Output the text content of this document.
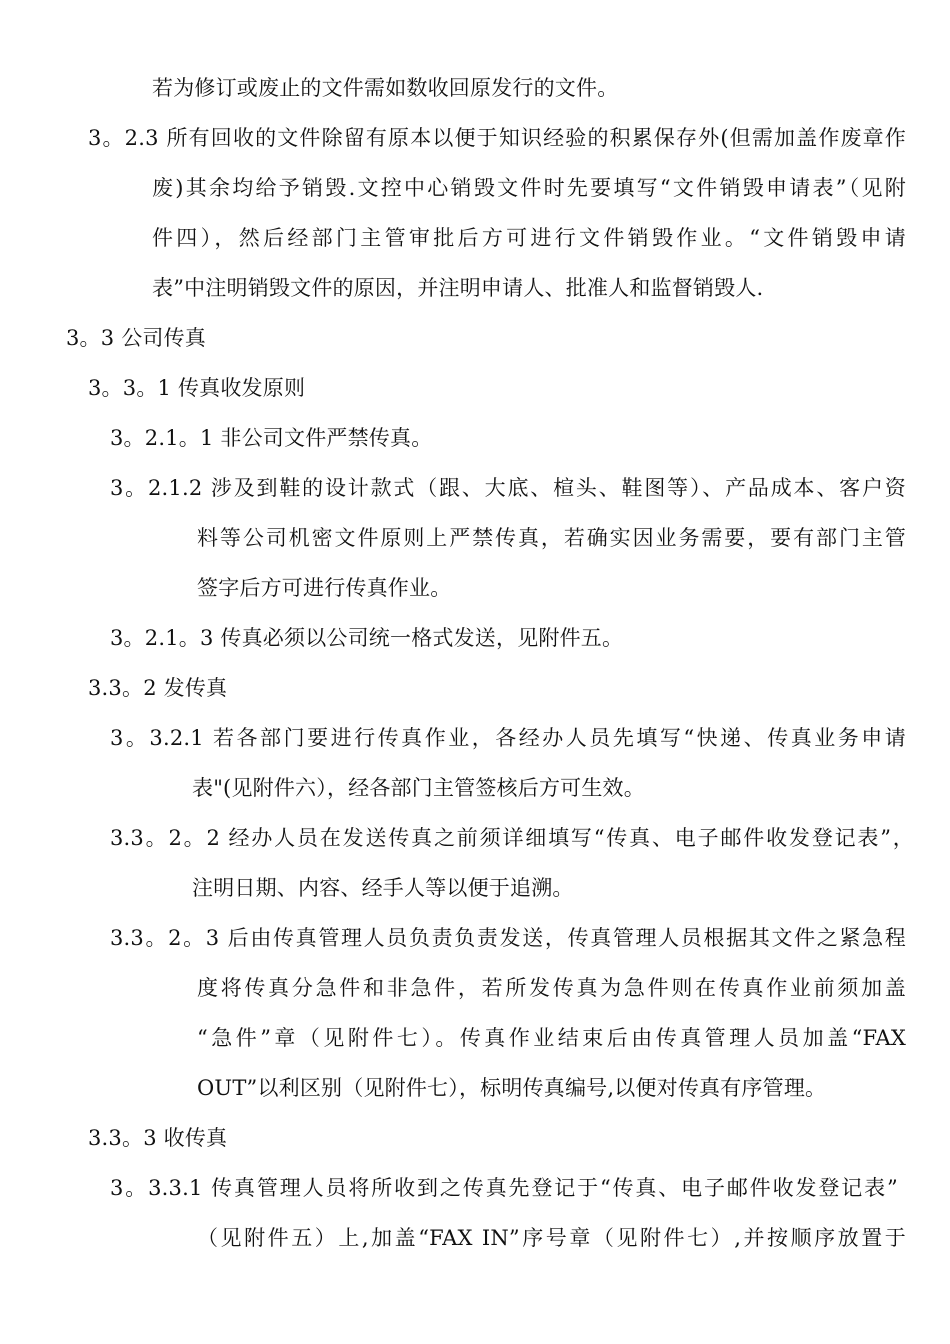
若为修订或废止的文件需如数收回原发行的文件。
3。2.3 所有回收的文件除留有原本以便于知识经验的积累保存外(但需加盖作废章作
废)其余均给予销毁.文控中心销毁文件时先要填写“文件销毁申请表”（见附
件四），然后经部门主管审批后方可进行文件销毁作业。“文件销毁申请
表”中注明销毁文件的原因，并注明申请人、批准人和监督销毁人.
3。3 公司传真
3。3。1 传真收发原则
3。2.1。1 非公司文件严禁传真。
3。2.1.2 涉及到鞋的设计款式（跟、大底、楦头、鞋图等）、产品成本、客户资
料等公司机密文件原则上严禁传真，若确实因业务需要，要有部门主管
签字后方可进行传真作业。
3。2.1。3 传真必须以公司统一格式发送，见附件五。
3.3。2 发传真
3。3.2.1 若各部门要进行传真作业，各经办人员先填写“快递、传真业务申请
表"(见附件六），经各部门主管签核后方可生效。
3.3。2。2 经办人员在发送传真之前须详细填写“传真、电子邮件收发登记表”，
注明日期、内容、经手人等以便于追溯。
3.3。2。3 后由传真管理人员负责负责发送，传真管理人员根据其文件之紧急程
度将传真分急件和非急件，若所发传真为急件则在传真作业前须加盖
“急件”章（见附件七）。传真作业结束后由传真管理人员加盖“FAX
OUT”以利区别（见附件七），标明传真编号,以便对传真有序管理。
3.3。3 收传真
3。3.3.1 传真管理人员将所收到之传真先登记于“传真、电子邮件收发登记表”
（见附件五）上,加盖“FAX IN”序号章（见附件七）,并按顺序放置于
